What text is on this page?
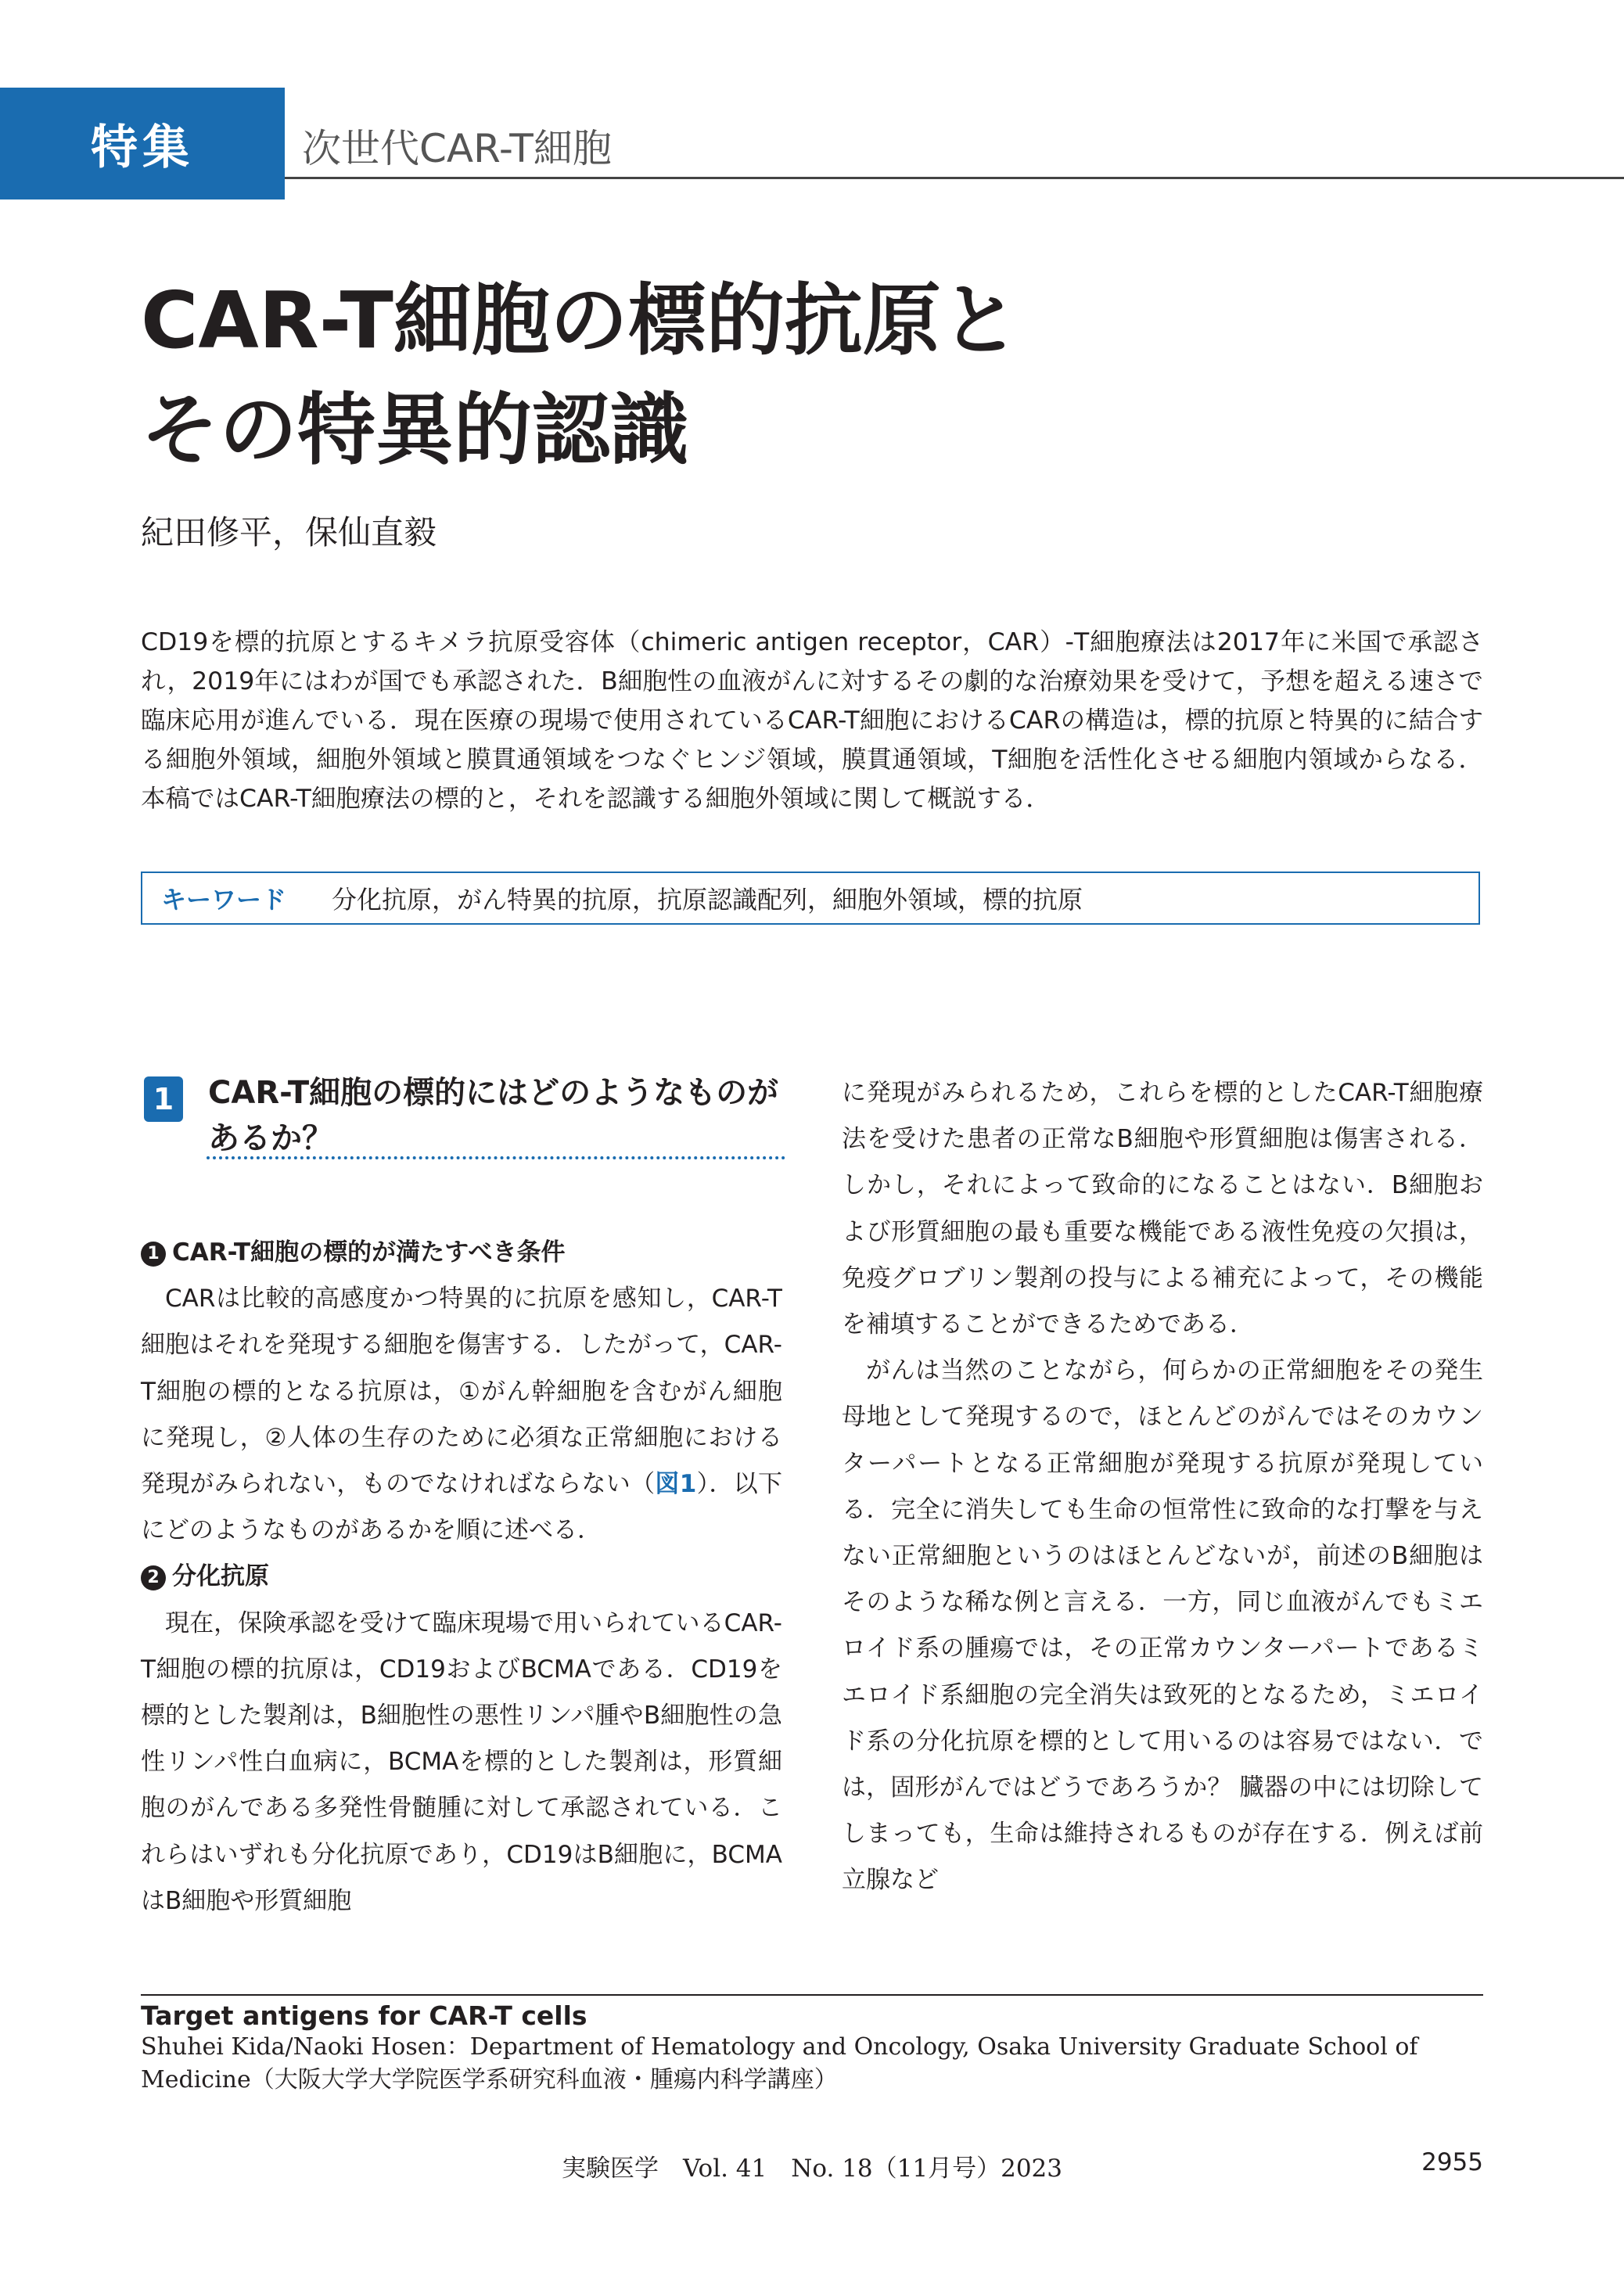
特集	次世代CAR-T細胞
CAR-T細胞の標的抗原と
その特異的認識
紀田修平，保仙直毅

CD19を標的抗原とするキメラ抗原受容体（chimeric antigen receptor，CAR）-T細胞療法は2017年に米国で承認され，2019年にはわが国でも承認された．B細胞性の血液がんに対するその劇的な治療効果を受けて，予想を超える速さで臨床応用が進んでいる．現在医療の現場で使用されているCAR-T細胞におけるCARの構造は，標的抗原と特異的に結合する細胞外領域，細胞外領域と膜貫通領域をつなぐヒンジ領域，膜貫通領域，T細胞を活性化させる細胞内領域からなる．本稿ではCAR-T細胞療法の標的と，それを認識する細胞外領域に関して概説する．

キーワード	分化抗原，がん特異的抗原，抗原認識配列，細胞外領域，標的抗原
1 CAR-T細胞の標的にはどのようなものがあるか？
1 CAR-T細胞の標的が満たすべき条件

CARは比較的高感度かつ特異的に抗原を感知し，CAR-T細胞はそれを発現する細胞を傷害する．したがって，CAR-T細胞の標的となる抗原は，①がん幹細胞を含むがん細胞に発現し，②人体の生存のために必須な正常細胞における発現がみられない，ものでなければならない（図1）．以下にどのようなものがあるかを順に述べる．

2 分化抗原

現在，保険承認を受けて臨床現場で用いられているCAR-T細胞の標的抗原は，CD19およびBCMAである．CD19を標的とした製剤は，B細胞性の悪性リンパ腫やB細胞性の急性リンパ性白血病に，BCMAを標的とした製剤は，形質細胞のがんである多発性骨髄腫に対して承認されている．これらはいずれも分化抗原であり，CD19はB細胞に，BCMAはB細胞や形質細胞

に発現がみられるため，これらを標的としたCAR-T細胞療法を受けた患者の正常なB細胞や形質細胞は傷害される．しかし，それによって致命的になることはない．B細胞および形質細胞の最も重要な機能である液性免疫の欠損は，免疫グロブリン製剤の投与による補充によって，その機能を補填することができるためである．

がんは当然のことながら，何らかの正常細胞をその発生母地として発現するので，ほとんどのがんではそのカウンターパートとなる正常細胞が発現する抗原が発現している．完全に消失しても生命の恒常性に致命的な打撃を与えない正常細胞というのはほとんどないが，前述のB細胞はそのような稀な例と言える．一方，同じ血液がんでもミエロイド系の腫瘍では，その正常カウンターパートであるミエロイド系細胞の完全消失は致死的となるため，ミエロイド系の分化抗原を標的として用いるのは容易ではない．では，固形がんではどうであろうか？ 臓器の中には切除してしまっても，生命は維持されるものが存在する．例えば前立腺など

Target antigens for CAR-T cells
Shuhei Kida/Naoki Hosen：Department of Hematology and Oncology, Osaka University Graduate School of Medicine（大阪大学大学院医学系研究科血液・腫瘍内科学講座）
実験医学　Vol. 41　No. 18（11月号）2023	2955
